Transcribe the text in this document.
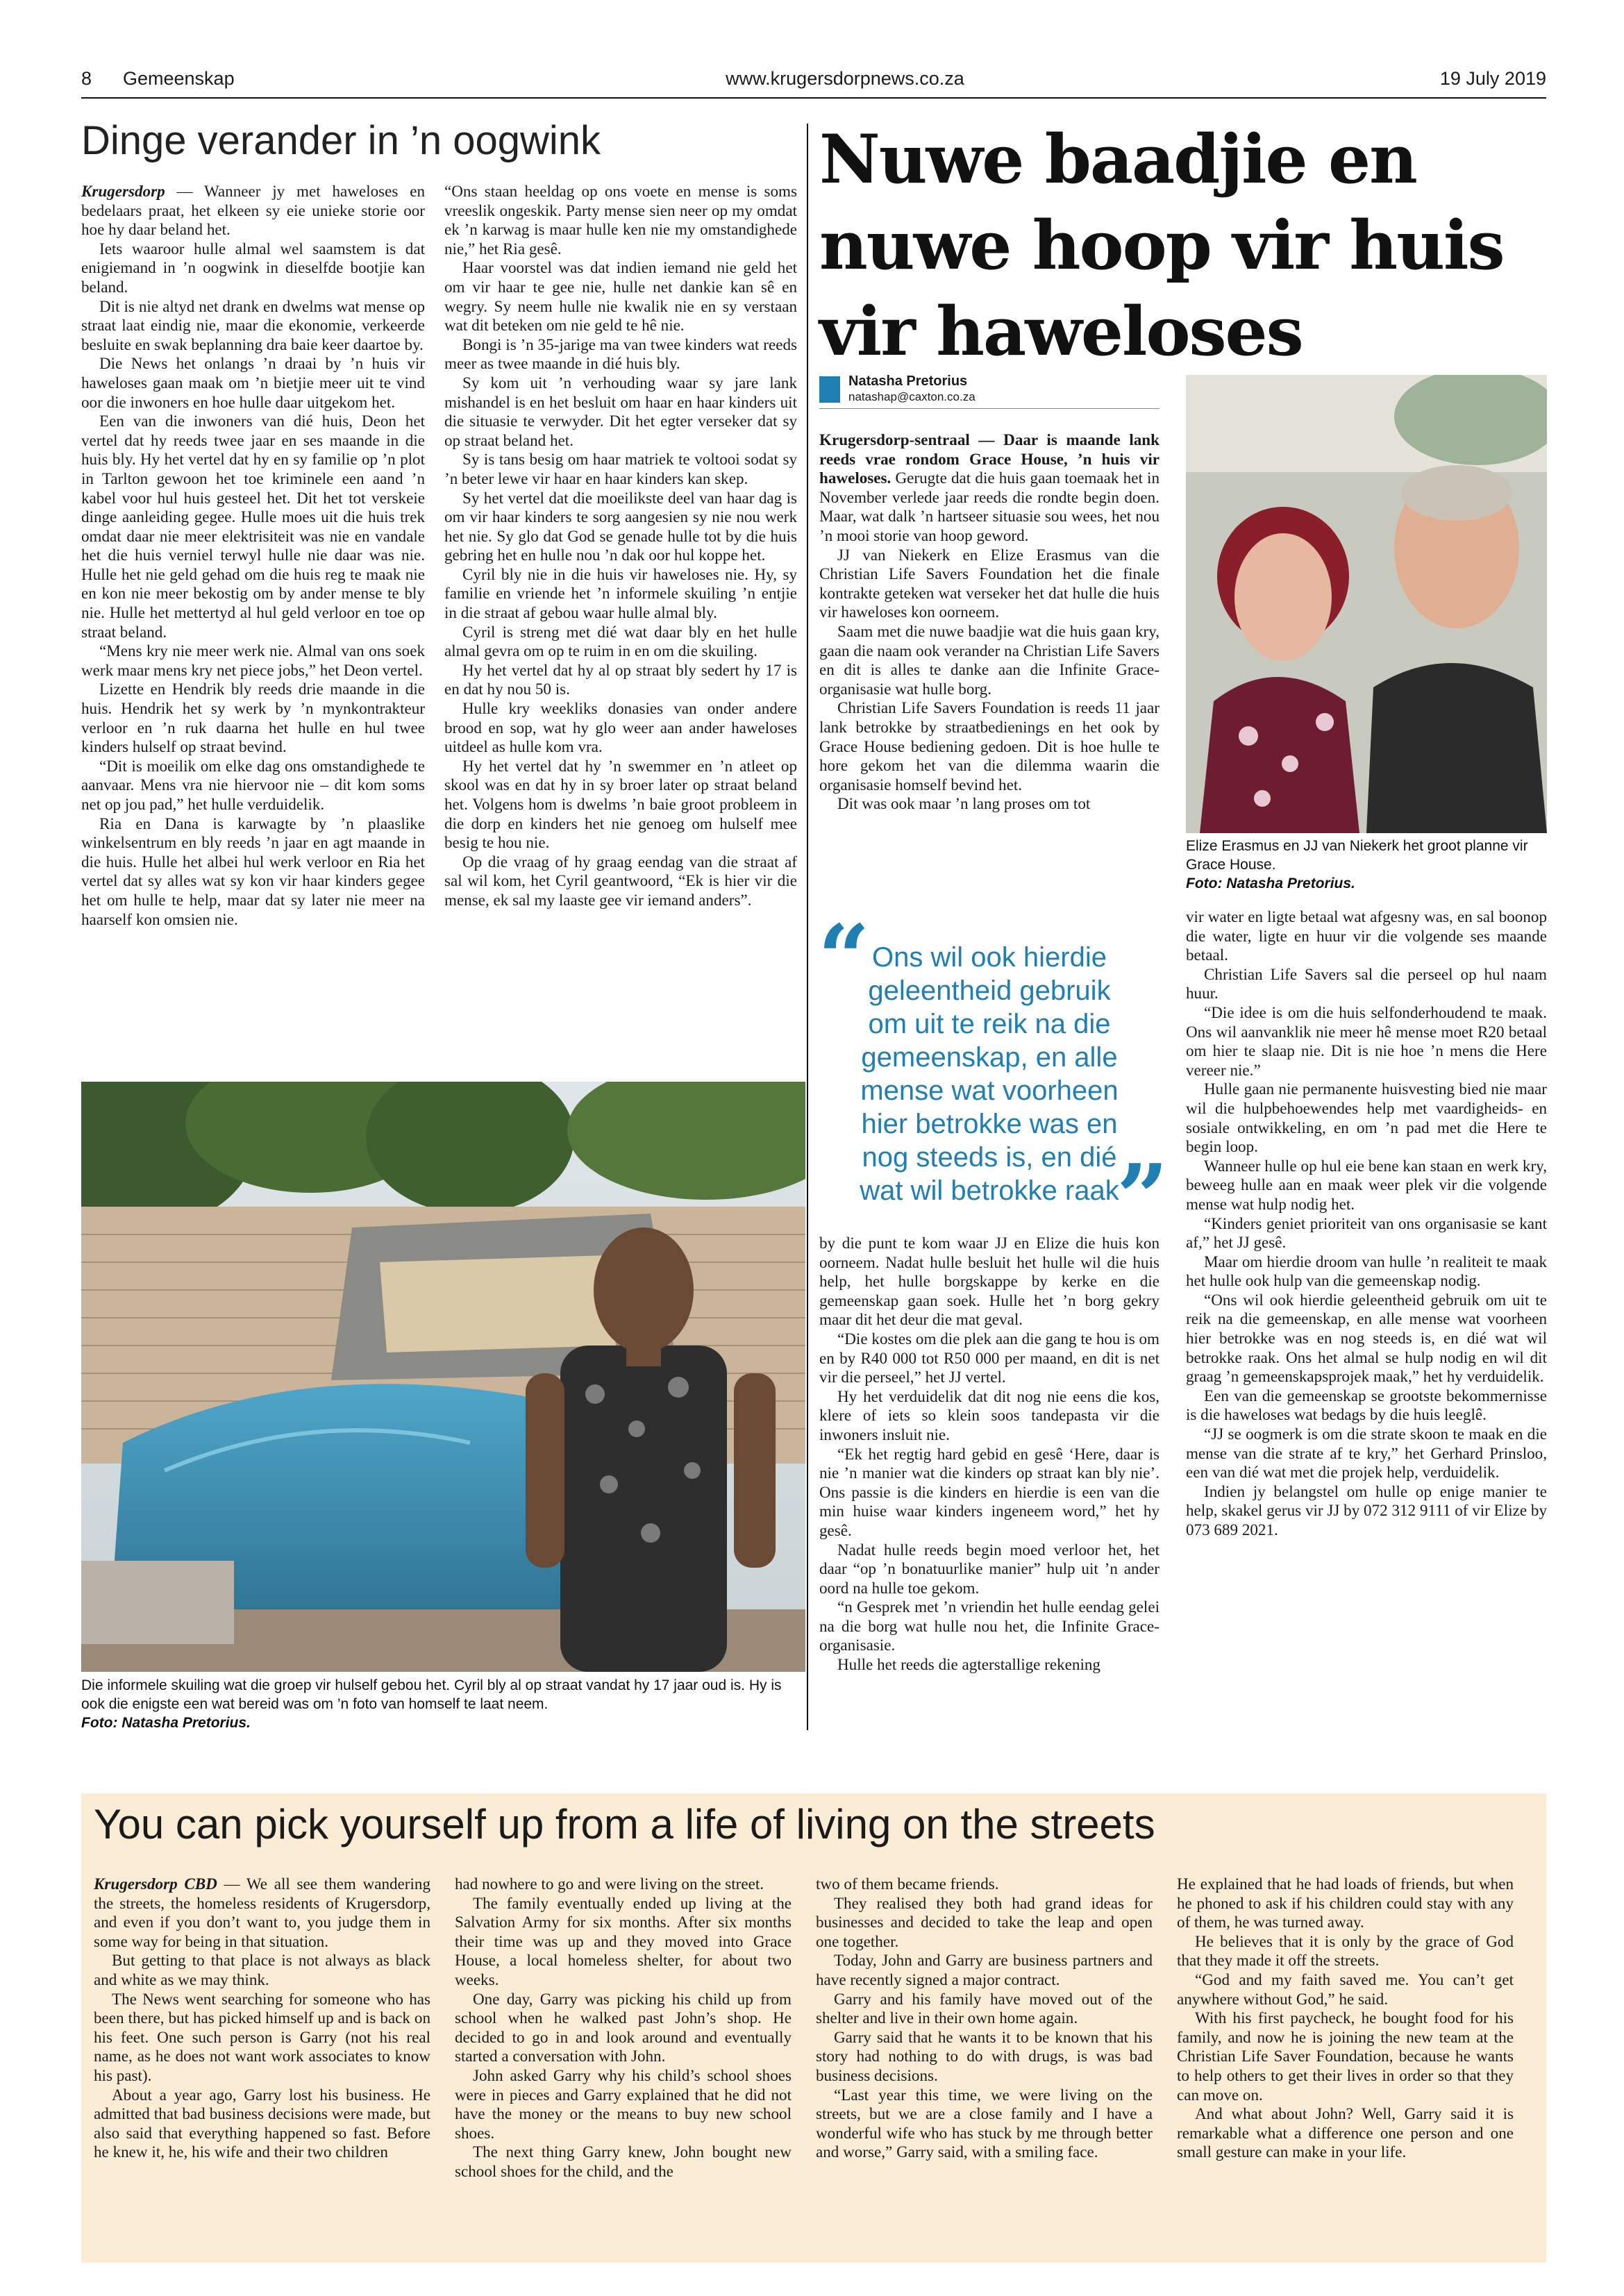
8 Gemeenskap	www.krugersdorpnews.co.za	19 July 2019
Dinge verander in ’n oogwink

Krugersdorp — Wanneer jy met haweloses en bedelaars praat, het elkeen sy eie unieke storie oor hoe hy daar beland het.

Iets waaroor hulle almal wel saamstem is dat enigiemand in ’n oogwink in dieselfde bootjie kan beland.

Dit is nie altyd net drank en dwelms wat mense op straat laat eindig nie, maar die ekonomie, verkeerde besluite en swak beplanning dra baie keer daartoe by.

Die News het onlangs ’n draai by ’n huis vir haweloses gaan maak om ’n bietjie meer uit te vind oor die inwoners en hoe hulle daar uitgekom het.

Een van die inwoners van dié huis, Deon het vertel dat hy reeds twee jaar en ses maande in die huis bly. Hy het vertel dat hy en sy familie op ’n plot in Tarlton gewoon het toe kriminele een aand ’n kabel voor hul huis gesteel het. Dit het tot verskeie dinge aanleiding gegee. Hulle moes uit die huis trek omdat daar nie meer elektrisiteit was nie en vandale het die huis verniel terwyl hulle nie daar was nie. Hulle het nie geld gehad om die huis reg te maak nie en kon nie meer bekostig om by ander mense te bly nie. Hulle het mettertyd al hul geld verloor en toe op straat beland.

“Mens kry nie meer werk nie. Almal van ons soek werk maar mens kry net piece jobs,” het Deon vertel.

Lizette en Hendrik bly reeds drie maande in die huis. Hendrik het sy werk by ’n mynkontrakteur verloor en ’n ruk daarna het hulle en hul twee kinders hulself op straat bevind.

“Dit is moeilik om elke dag ons omstandighede te aanvaar. Mens vra nie hiervoor nie – dit kom soms net op jou pad,” het hulle verduidelik.

Ria en Dana is karwagte by ’n plaaslike winkelsentrum en bly reeds ’n jaar en agt maande in die huis. Hulle het albei hul werk verloor en Ria het vertel dat sy alles wat sy kon vir haar kinders gegee het om hulle te help, maar dat sy later nie meer na haarself kon omsien nie.

“Ons staan heeldag op ons voete en mense is soms vreeslik ongeskik. Party mense sien neer op my omdat ek ’n karwag is maar hulle ken nie my omstandighede nie,” het Ria gesê.

Haar voorstel was dat indien iemand nie geld het om vir haar te gee nie, hulle net dankie kan sê en wegry. Sy neem hulle nie kwalik nie en sy verstaan wat dit beteken om nie geld te hê nie.

Bongi is ’n 35-jarige ma van twee kinders wat reeds meer as twee maande in dié huis bly.

Sy kom uit ’n verhouding waar sy jare lank mishandel is en het besluit om haar en haar kinders uit die situasie te verwyder. Dit het egter verseker dat sy op straat beland het.

Sy is tans besig om haar matriek te voltooi sodat sy ’n beter lewe vir haar en haar kinders kan skep.

Sy het vertel dat die moeilikste deel van haar dag is om vir haar kinders te sorg aangesien sy nie nou werk het nie. Sy glo dat God se genade hulle tot by die huis gebring het en hulle nou ’n dak oor hul koppe het.

Cyril bly nie in die huis vir haweloses nie. Hy, sy familie en vriende het ’n informele skuiling ’n entjie in die straat af gebou waar hulle almal bly.

Cyril is streng met dié wat daar bly en het hulle almal gevra om op te ruim in en om die skuiling.

Hy het vertel dat hy al op straat bly sedert hy 17 is en dat hy nou 50 is.

Hulle kry weekliks donasies van onder andere brood en sop, wat hy glo weer aan ander haweloses uitdeel as hulle kom vra.

Hy het vertel dat hy ’n swemmer en ’n atleet op skool was en dat hy in sy broer later op straat beland het. Volgens hom is dwelms ’n baie groot probleem in die dorp en kinders het nie genoeg om hulself mee besig te hou nie.

Op die vraag of hy graag eendag van die straat af sal wil kom, het Cyril geantwoord, “Ek is hier vir die mense, ek sal my laaste gee vir iemand anders”.

Die informele skuiling wat die groep vir hulself gebou het. Cyril bly al op straat vandat hy 17 jaar oud is. Hy is ook die enigste een wat bereid was om ’n foto van homself te laat neem.
Foto: Natasha Pretorius.
Nuwe baadjie en
nuwe hoop vir huis
vir haweloses
Natasha Pretorius
natashap@caxton.co.za
Elize Erasmus en JJ van Niekerk het groot planne vir Grace House.
Foto: Natasha Pretorius.

Krugersdorp-sentraal — Daar is maande lank reeds vrae rondom Grace House, ’n huis vir haweloses. Gerugte dat die huis gaan toemaak het in November verlede jaar reeds die rondte begin doen. Maar, wat dalk ’n hartseer situasie sou wees, het nou ’n mooi storie van hoop geword.

JJ van Niekerk en Elize Erasmus van die Christian Life Savers Foundation het die finale kontrakte geteken wat verseker het dat hulle die huis vir haweloses kon oorneem.

Saam met die nuwe baadjie wat die huis gaan kry, gaan die naam ook verander na Christian Life Savers en dit is alles te danke aan die Infinite Grace-organisasie wat hulle borg.

Christian Life Savers Foundation is reeds 11 jaar lank betrokke by straatbedienings en het ook by Grace House bediening gedoen. Dit is hoe hulle te hore gekom het van die dilemma waarin die organisasie homself bevind het.

Dit was ook maar ’n lang proses om tot

“ Ons wil ook hierdie geleentheid gebruik om uit te reik na die gemeenskap, en alle mense wat voorheen hier betrokke was en nog steeds is, en dié wat wil betrokke raak
”

by die punt te kom waar JJ en Elize die huis kon oorneem. Nadat hulle besluit het hulle wil die huis help, het hulle borgskappe by kerke en die gemeenskap gaan soek. Hulle het ’n borg gekry maar dit het deur die mat geval.

“Die kostes om die plek aan die gang te hou is om en by R40 000 tot R50 000 per maand, en dit is net vir die perseel,” het JJ vertel.

Hy het verduidelik dat dit nog nie eens die kos, klere of iets so klein soos tandepasta vir die inwoners insluit nie.

“Ek het regtig hard gebid en gesê ‘Here, daar is nie ’n manier wat die kinders op straat kan bly nie’. Ons passie is die kinders en hierdie is een van die min huise waar kinders ingeneem word,” het hy gesê.

Nadat hulle reeds begin moed verloor het, het daar “op ’n bonatuurlike manier” hulp uit ’n ander oord na hulle toe gekom.

“n Gesprek met ’n vriendin het hulle eendag gelei na die borg wat hulle nou het, die Infinite Grace-organisasie.

Hulle het reeds die agterstallige rekening

vir water en ligte betaal wat afgesny was, en sal boonop die water, ligte en huur vir die volgende ses maande betaal.

Christian Life Savers sal die perseel op hul naam huur.

“Die idee is om die huis selfonderhoudend te maak. Ons wil aanvanklik nie meer hê mense moet R20 betaal om hier te slaap nie. Dit is nie hoe ’n mens die Here vereer nie.”

Hulle gaan nie permanente huisvesting bied nie maar wil die hulpbehoewendes help met vaardigheids- en sosiale ontwikkeling, en om ’n pad met die Here te begin loop.

Wanneer hulle op hul eie bene kan staan en werk kry, beweeg hulle aan en maak weer plek vir die volgende mense wat hulp nodig het.

“Kinders geniet prioriteit van ons organisasie se kant af,” het JJ gesê.

Maar om hierdie droom van hulle ’n realiteit te maak het hulle ook hulp van die gemeenskap nodig.

“Ons wil ook hierdie geleentheid gebruik om uit te reik na die gemeenskap, en alle mense wat voorheen hier betrokke was en nog steeds is, en dié wat wil betrokke raak. Ons het almal se hulp nodig en wil dit graag ’n gemeenskapsprojek maak,” het hy verduidelik.

Een van die gemeenskap se grootste bekommernisse is die haweloses wat bedags by die huis leeglê.

“JJ se oogmerk is om die strate skoon te maak en die mense van die strate af te kry,” het Gerhard Prinsloo, een van dié wat met die projek help, verduidelik.

Indien jy belangstel om hulle op enige manier te help, skakel gerus vir JJ by 072 312 9111 of vir Elize by 073 689 2021.

You can pick yourself up from a life of living on the streets

Krugersdorp CBD — We all see them wandering the streets, the homeless residents of Krugersdorp, and even if you don’t want to, you judge them in some way for being in that situation.

But getting to that place is not always as black and white as we may think.

The News went searching for someone who has been there, but has picked himself up and is back on his feet. One such person is Garry (not his real name, as he does not want work associates to know his past).

About a year ago, Garry lost his business. He admitted that bad business decisions were made, but also said that everything happened so fast. Before he knew it, he, his wife and their two children

had nowhere to go and were living on the street.

The family eventually ended up living at the Salvation Army for six months. After six months their time was up and they moved into Grace House, a local homeless shelter, for about two weeks.

One day, Garry was picking his child up from school when he walked past John’s shop. He decided to go in and look around and eventually started a conversation with John.

John asked Garry why his child’s school shoes were in pieces and Garry explained that he did not have the money or the means to buy new school shoes.

The next thing Garry knew, John bought new school shoes for the child, and the

two of them became friends.

They realised they both had grand ideas for businesses and decided to take the leap and open one together.

Today, John and Garry are business partners and have recently signed a major contract.

Garry and his family have moved out of the shelter and live in their own home again.

Garry said that he wants it to be known that his story had nothing to do with drugs, is was bad business decisions.

“Last year this time, we were living on the streets, but we are a close family and I have a wonderful wife who has stuck by me through better and worse,” Garry said, with a smiling face.

He explained that he had loads of friends, but when he phoned to ask if his children could stay with any of them, he was turned away.

He believes that it is only by the grace of God that they made it off the streets.

“God and my faith saved me. You can’t get anywhere without God,” he said.

With his first paycheck, he bought food for his family, and now he is joining the new team at the Christian Life Saver Foundation, because he wants to help others to get their lives in order so that they can move on.

And what about John? Well, Garry said it is remarkable what a difference one person and one small gesture can make in your life.
